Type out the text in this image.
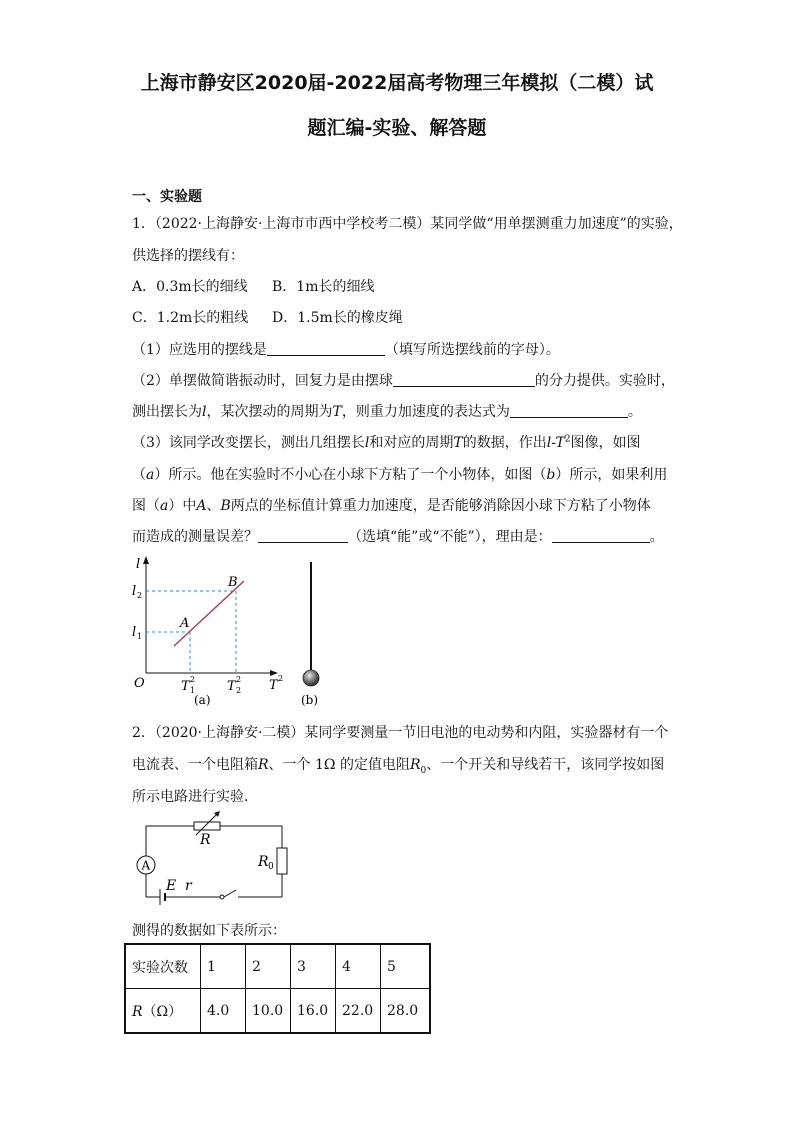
上海市静安区2020届-2022届高考物理三年模拟（二模）试
题汇编-实验、解答题
一、实验题
1．（2022·上海静安·上海市市西中学校考二模）某同学做“用单摆测重力加速度”的实验，
供选择的摆线有：
A．0.3m长的细线 B．1m长的细线
C．1.2m长的粗线 D．1.5m长的橡皮绳
（1）应选用的摆线是	（填写所选摆线前的字母）。
（2）单摆做简谐振动时，回复力是由摆球	的分力提供。实验时，
测出摆长为l，某次摆动的周期为T，则重力加速度的表达式为	。
（3）该同学改变摆长，测出几组摆长l和对应的周期T的数据，作出$l-T^2$图像，如图
（a）所示。他在实验时不小心在小球下方粘了一个小物体，如图（b）所示，如果利用
图（a）中A、B两点的坐标值计算重力加速度，是否能够消除因小球下方粘了小物体
而造成的测量误差？	（选填“能”或“不能”），理由是：	。
l
l 2
l 1
A
B
O	T 1
2 T 2
2 T 2
(a)	(b)
2．（2020·上海静安·二模）某同学要测量一节旧电池的电动势和内阻，实验器材有一个
电流表、一个电阻箱R、一个 1Ω 的定值电阻$R_0$、一个开关和导线若干，该同学按如图
所示电路进行实验．
A
R
R 0
E r
测得的数据如下表所示：
实验次数	1	2	3	4	5
R（Ω）	4.0	10.0	16.0	22.0	28.0
